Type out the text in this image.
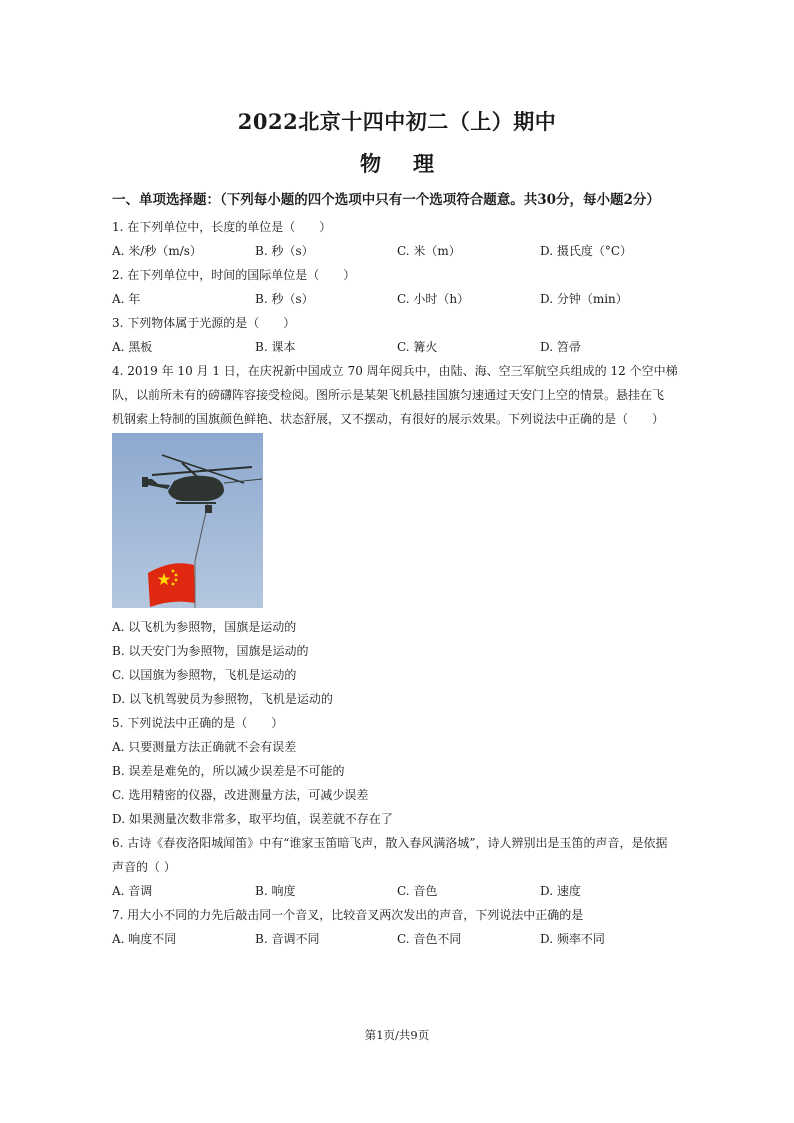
2022北京十四中初二（上）期中
物 理
一、单项选择题：（下列每小题的四个选项中只有一个选项符合题意。共30分，每小题2分）
1. 在下列单位中，长度的单位是（　　）
A. 米/秒（m/s）	B. 秒（s）	C. 米（m）	D. 摄氏度（°C）
2. 在下列单位中，时间的国际单位是（　　）
A. 年	B. 秒（s）	C. 小时（h）	D. 分钟（min）
3. 下列物体属于光源的是（　　）
A. 黑板	B. 课本	C. 篝火	D. 笤帚
4. 2019 年 10 月 1 日，在庆祝新中国成立 70 周年阅兵中，由陆、海、空三军航空兵组成的 12 个空中梯
队，以前所未有的磅礴阵容接受检阅。图所示是某架飞机悬挂国旗匀速通过天安门上空的情景。悬挂在飞
机钢索上特制的国旗颜色鲜艳、状态舒展，又不摆动，有很好的展示效果。下列说法中正确的是（　　）
A. 以飞机为参照物，国旗是运动的
B. 以天安门为参照物，国旗是运动的
C. 以国旗为参照物，飞机是运动的
D. 以飞机驾驶员为参照物，飞机是运动的
5. 下列说法中正确的是（　　）
A. 只要测量方法正确就不会有误差
B. 误差是难免的，所以减少误差是不可能的
C. 选用精密的仪器，改进测量方法，可减少误差
D. 如果测量次数非常多，取平均值，误差就不存在了
6. 古诗《春夜洛阳城闻笛》中有“谁家玉笛暗飞声，散入春风满洛城”，诗人辨别出是玉笛的声音，是依据
声音的（ ）
A. 音调	B. 响度	C. 音色	D. 速度
7. 用大小不同的力先后敲击同一个音叉，比较音叉两次发出的声音，下列说法中正确的是
A. 响度不同	B. 音调不同	C. 音色不同	D. 频率不同
第1页/共9页
